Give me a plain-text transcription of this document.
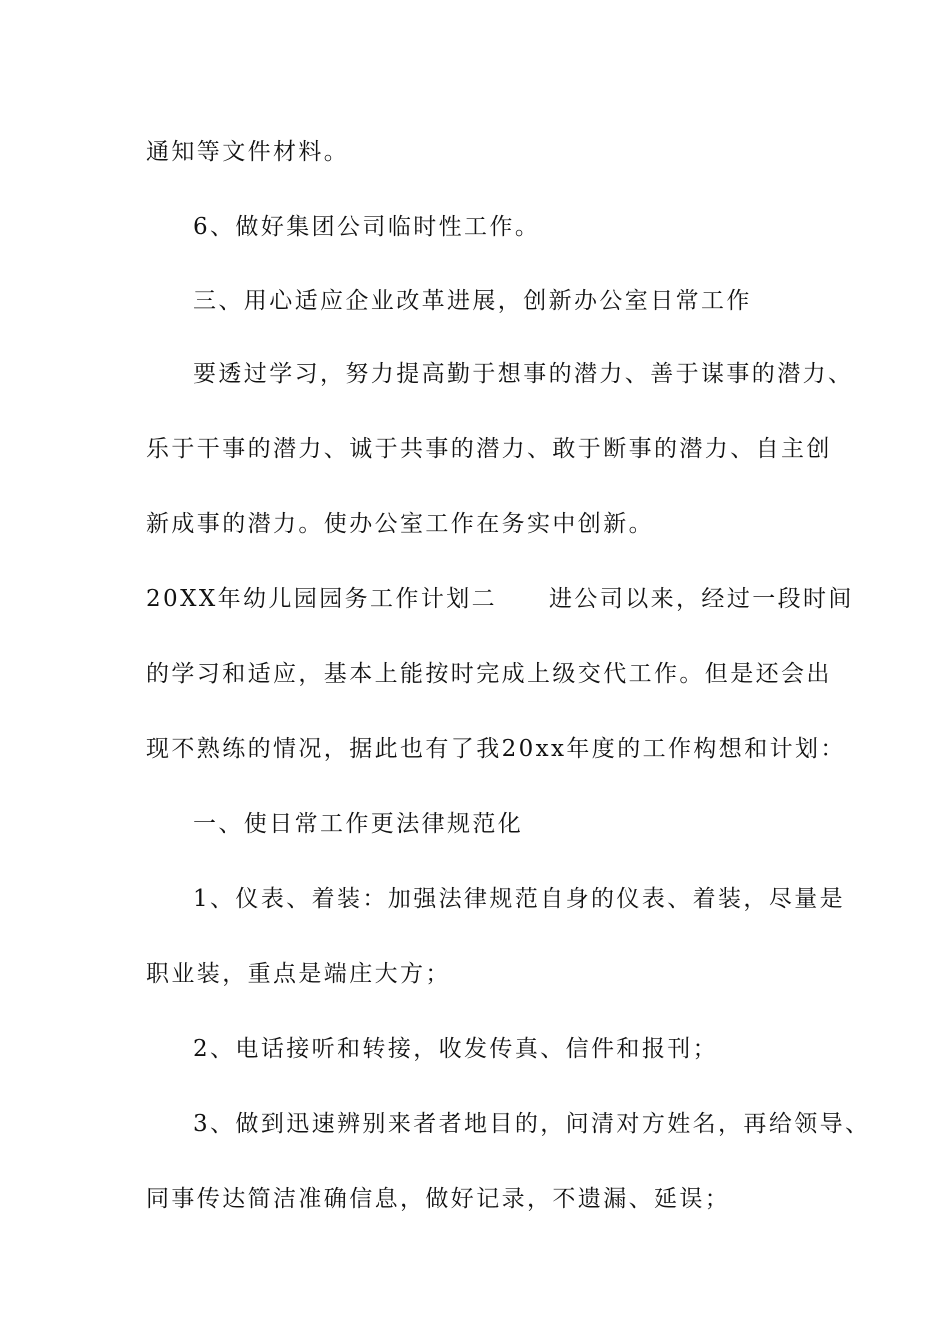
通知等文件材料。
6、做好集团公司临时性工作。
三、用心适应企业改革进展，创新办公室日常工作
要透过学习，努力提高勤于想事的潜力、善于谋事的潜力、
乐于干事的潜力、诚于共事的潜力、敢于断事的潜力、自主创
新成事的潜力。使办公室工作在务实中创新。
20XX年幼儿园园务工作计划二 进公司以来，经过一段时间
的学习和适应，基本上能按时完成上级交代工作。但是还会出
现不熟练的情况，据此也有了我20xx年度的工作构想和计划：
一、使日常工作更法律规范化
1、仪表、着装：加强法律规范自身的仪表、着装，尽量是
职业装，重点是端庄大方；
2、电话接听和转接，收发传真、信件和报刊；
3、做到迅速辨别来者者地目的，问清对方姓名，再给领导、
同事传达简洁准确信息，做好记录，不遗漏、延误；
